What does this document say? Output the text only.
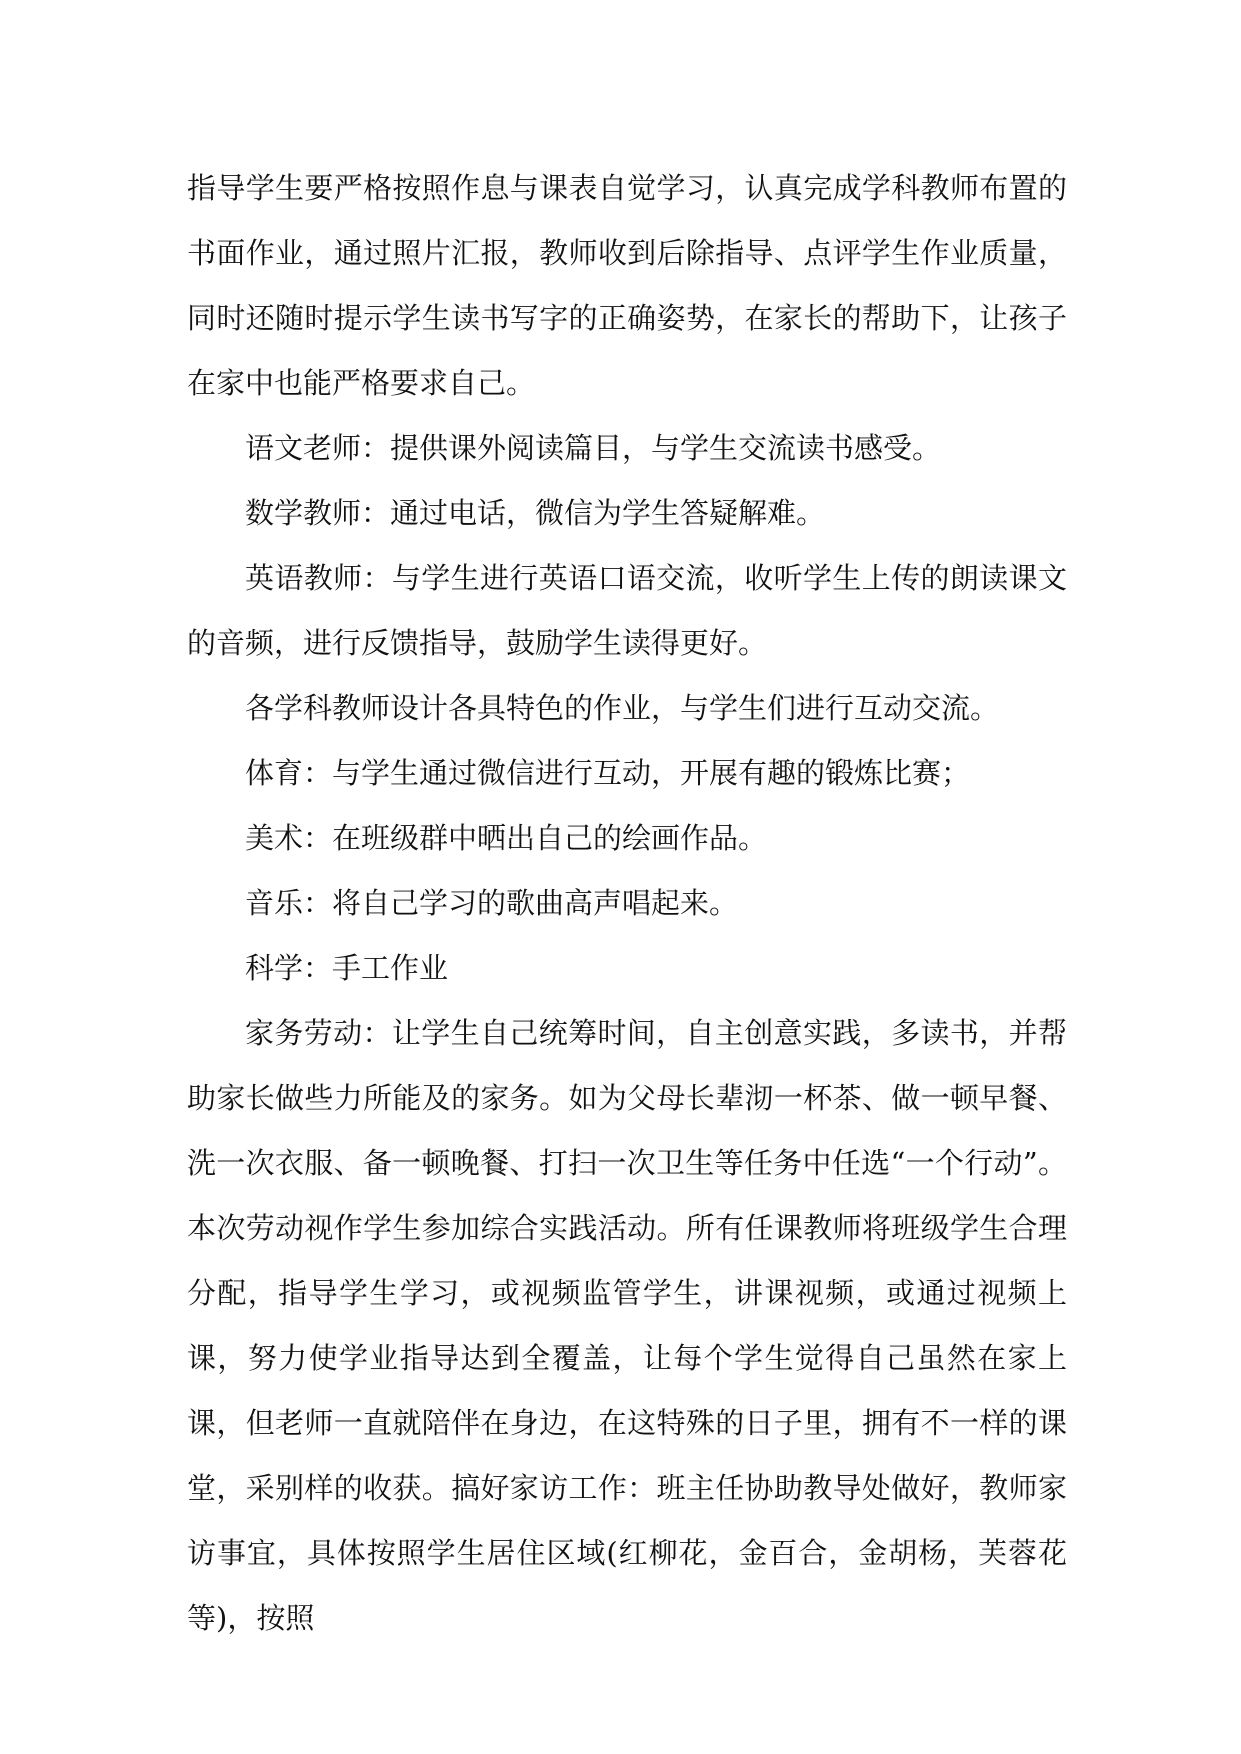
指导学生要严格按照作息与课表自觉学习，认真完成学科教师布置的书面作业，通过照片汇报，教师收到后除指导、点评学生作业质量，同时还随时提示学生读书写字的正确姿势，在家长的帮助下，让孩子在家中也能严格要求自己。

语文老师：提供课外阅读篇目，与学生交流读书感受。

数学教师：通过电话，微信为学生答疑解难。

英语教师：与学生进行英语口语交流，收听学生上传的朗读课文的音频，进行反馈指导，鼓励学生读得更好。

各学科教师设计各具特色的作业，与学生们进行互动交流。

体育：与学生通过微信进行互动，开展有趣的锻炼比赛；

美术：在班级群中晒出自己的绘画作品。

音乐：将自己学习的歌曲高声唱起来。

科学：手工作业

家务劳动：让学生自己统筹时间，自主创意实践，多读书，并帮助家长做些力所能及的家务。如为父母长辈沏一杯茶、做一顿早餐、洗一次衣服、备一顿晚餐、打扫一次卫生等任务中任选“一个行动”。本次劳动视作学生参加综合实践活动。所有任课教师将班级学生合理分配，指导学生学习，或视频监管学生，讲课视频，或通过视频上课，努力使学业指导达到全覆盖，让每个学生觉得自己虽然在家上课，但老师一直就陪伴在身边，在这特殊的日子里，拥有不一样的课堂，采别样的收获。搞好家访工作：班主任协助教导处做好，教师家访事宜，具体按照学生居住区域(红柳花，金百合，金胡杨，芙蓉花等)，按照
